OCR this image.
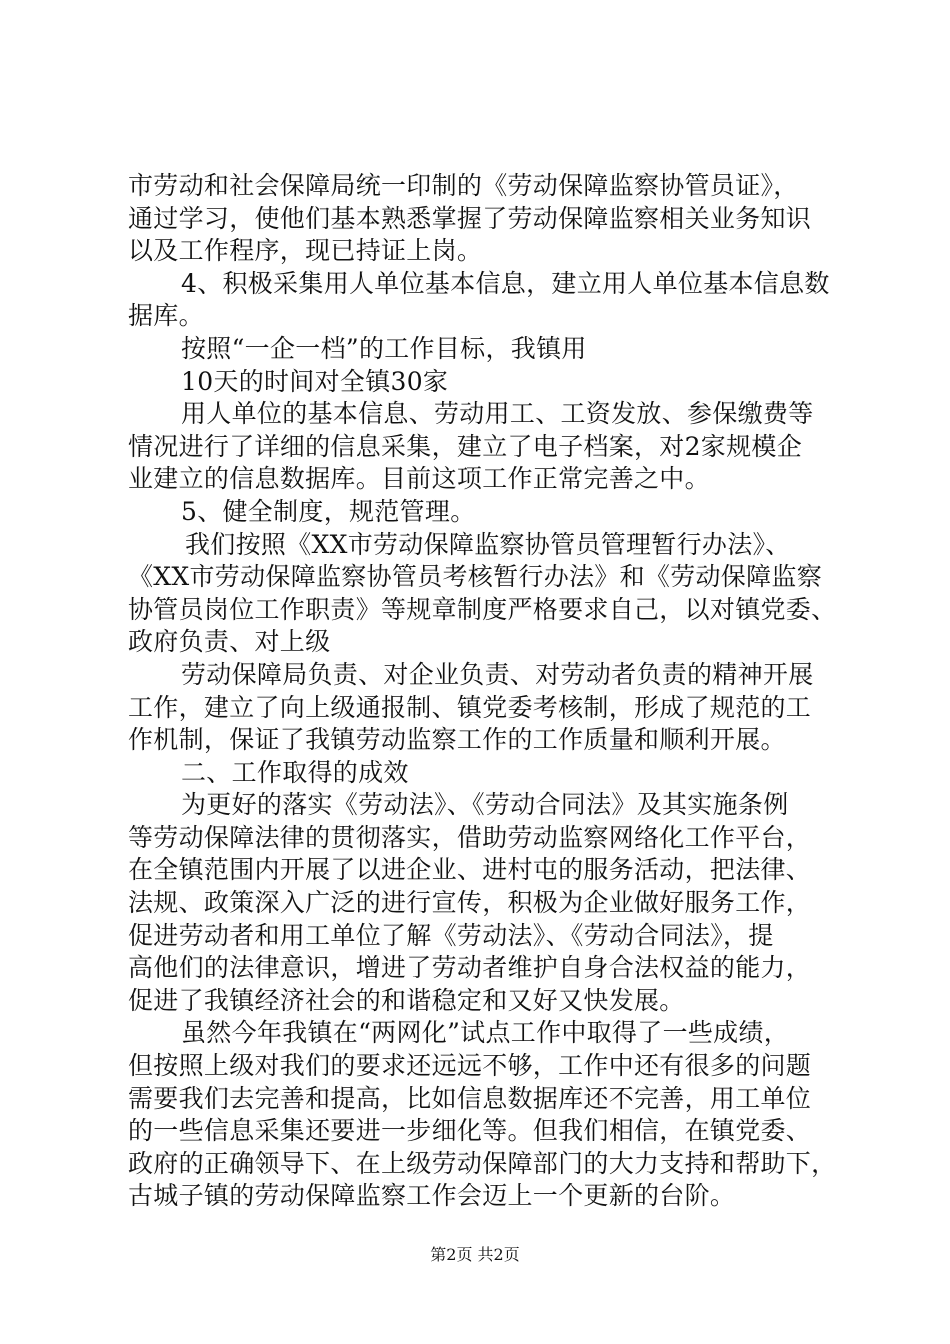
市劳动和社会保障局统一印制的《劳动保障监察协管员证》，
通过学习，使他们基本熟悉掌握了劳动保障监察相关业务知识
以及工作程序，现已持证上岗。
4、积极采集用人单位基本信息，建立用人单位基本信息数
据库。
按照“一企一档”的工作目标，我镇用
10天的时间对全镇30家
用人单位的基本信息、劳动用工、工资发放、参保缴费等
情况进行了详细的信息采集，建立了电子档案，对2家规模企
业建立的信息数据库。目前这项工作正常完善之中。
5、健全制度，规范管理。
我们按照《XX市劳动保障监察协管员管理暂行办法》、
《XX市劳动保障监察协管员考核暂行办法》和《劳动保障监察
协管员岗位工作职责》等规章制度严格要求自己，以对镇党委、
政府负责、对上级
劳动保障局负责、对企业负责、对劳动者负责的精神开展
工作，建立了向上级通报制、镇党委考核制，形成了规范的工
作机制，保证了我镇劳动监察工作的工作质量和顺利开展。
二、工作取得的成效
为更好的落实《劳动法》、《劳动合同法》及其实施条例
等劳动保障法律的贯彻落实，借助劳动监察网络化工作平台，
在全镇范围内开展了以进企业、进村屯的服务活动，把法律、
法规、政策深入广泛的进行宣传，积极为企业做好服务工作，
促进劳动者和用工单位了解《劳动法》、《劳动合同法》，提
高他们的法律意识，增进了劳动者维护自身合法权益的能力，
促进了我镇经济社会的和谐稳定和又好又快发展。
虽然今年我镇在“两网化”试点工作中取得了一些成绩，
但按照上级对我们的要求还远远不够，工作中还有很多的问题
需要我们去完善和提高，比如信息数据库还不完善，用工单位
的一些信息采集还要进一步细化等。但我们相信，在镇党委、
政府的正确领导下、在上级劳动保障部门的大力支持和帮助下，
古城子镇的劳动保障监察工作会迈上一个更新的台阶。
第2页 共2页
